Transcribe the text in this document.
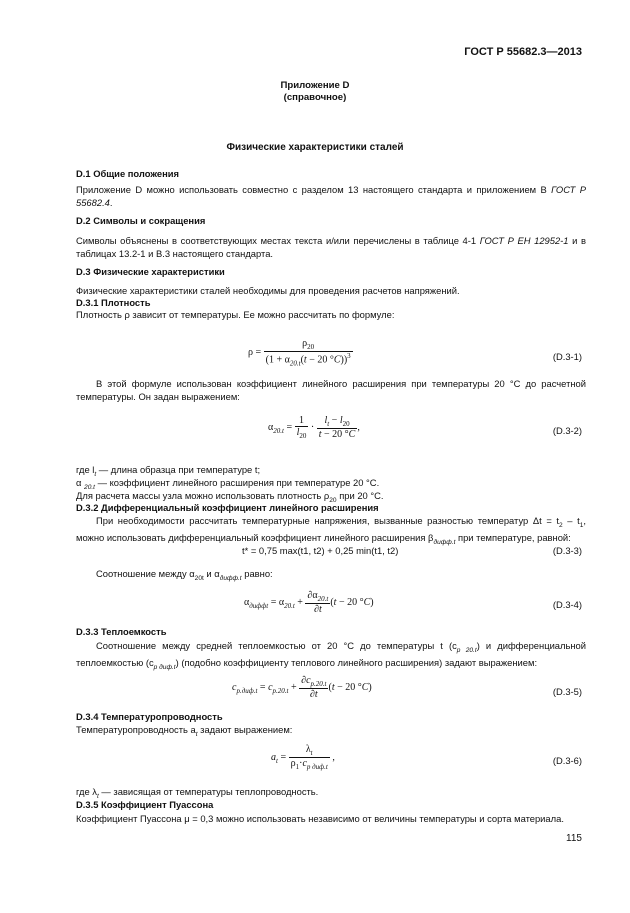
ГОСТ Р 55682.3—2013
Приложение D
(справочное)
Физические характеристики сталей
D.1 Общие положения

Приложение D можно использовать совместно с разделом 13 настоящего стандарта и приложением В ГОСТ Р 55682.4.

D.2 Символы и сокращения

Символы объяснены в соответствующих местах текста и/или перечислены в таблице 4-1 ГОСТ Р ЕН 12952-1 и в таблицах 13.2-1 и В.3 настоящего стандарта.

D.3 Физические характеристики

Физические характеристики сталей необходимы для проведения расчетов напряжений.

D.3.1 Плотность

Плотность ρ зависит от температуры. Ее можно рассчитать по формуле:

$\rho = \frac{\rho_{20}}{(1 + \alpha_{20.t}(t - 20 ^\circ C))^3}$	(D.3-1)

В этой формуле использован коэффициент линейного расширения при температуры 20 °С до расчетной температуры. Он задан выражением:

$\alpha_{20.t} = \frac{1}{l_{20}} \cdot \frac{l_t - l_{20}}{t - 20 ^\circ C}$ ,	(D.3-2)

где $l_t$ — длина образца при температуре t;

α $_{20.t}$ — коэффициент линейного расширения при температуре 20 °С.

Для расчета массы узла можно использовать плотность $\rho_{20}$ при 20 °С.

D.3.2 Дифференциальный коэффициент линейного расширения

При необходимости рассчитать температурные напряжения, вызванные разностью температур $\Delta t = t_2 - t_1$, можно использовать дифференциальный коэффициент линейного расширения $\beta_{дифф.t}$ при температуре, равной:

t* = 0,75 max(t1, t2) + 0,25 min(t1, t2)	(D.3-3)

Соотношение между $\alpha_{20t}$ и $\alpha_{дифф.t}$ равно:

$\alpha_{диффt} = \alpha_{20.t} + \frac{\partial\alpha_{20.t}}{\partial t} (t - 20$ °C)	(D.3-4)
D.3.3 Теплоемкость

Соотношение между средней теплоемкостью от 20 °С до температуры t $(c_{p 20.t})$ и дифференциальной теплоемкостью $(c_{р диф.t})$ (подобно коэффициенту теплового линейного расширения) задают выражением:

$c_{p.диф.t} = c_{p.20.t} + \frac{\partial c_{p.20.t}}{\partial t} (t - 20$ °C)	(D.3-5)
D.3.4 Температуропроводность

Температуропроводность $a_t$ задают выражением:

$a_t = \frac{\lambda_t}{\rho_1\cdot c_{р диф.t}}$ ,	(D.3-6)

где $\lambda_t$ — зависящая от температуры теплопроводность.

D.3.5 Коэффициент Пуассона

Коэффициент Пуассона μ = 0,3 можно использовать независимо от величины температуры и сорта материала.

115
